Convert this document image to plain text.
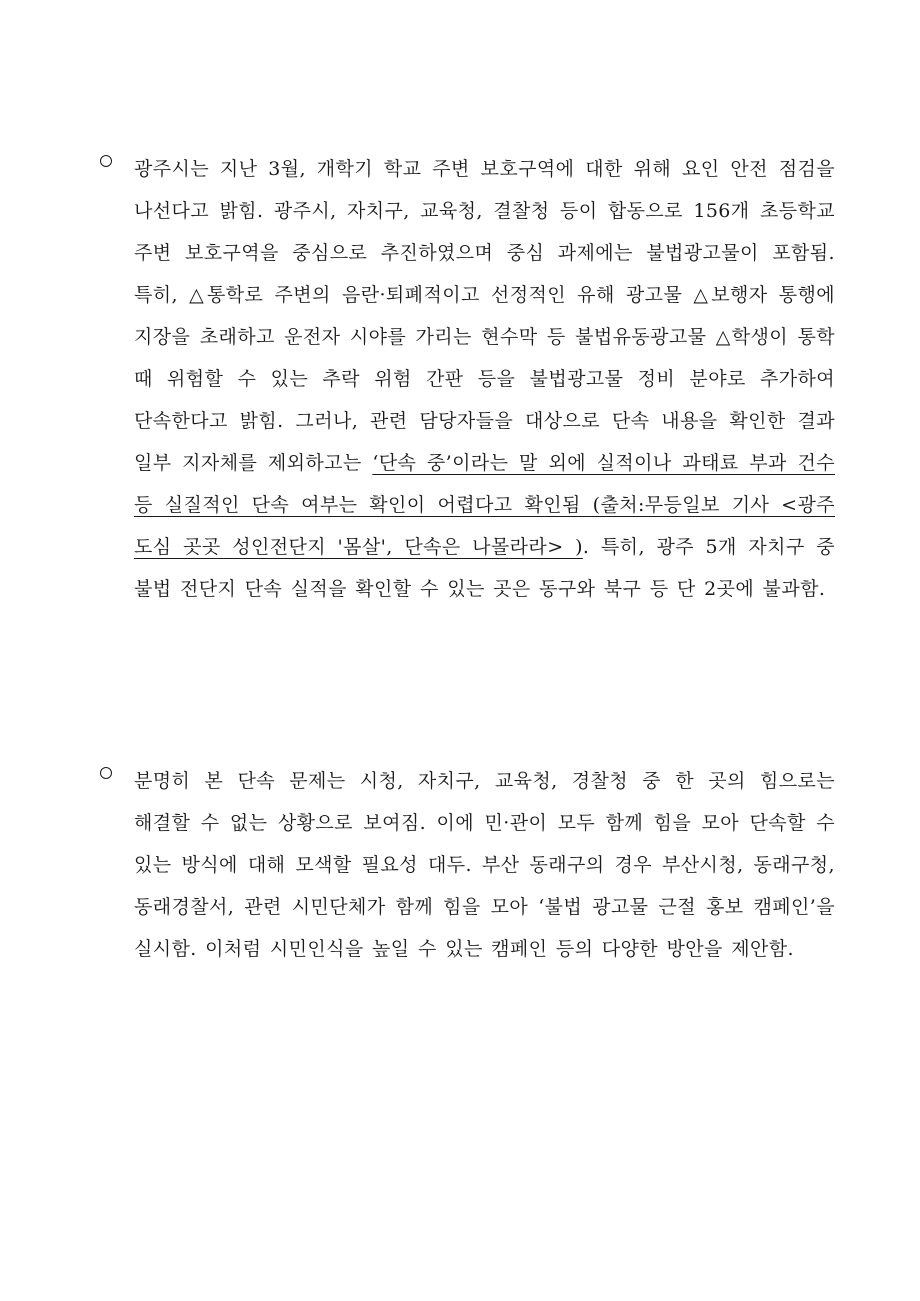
광주시는 지난 3월, 개학기 학교 주변 보호구역에 대한 위해 요인 안전 점검을 나선다고 밝힘. 광주시, 자치구, 교육청, 결찰청 등이 합동으로 156개 초등학교 주변 보호구역을 중심으로 추진하였으며 중심 과제에는 불법광고물이 포함됨. 특히, △통학로 주변의 음란·퇴폐적이고 선정적인 유해 광고물 △보행자 통행에 지장을 초래하고 운전자 시야를 가리는 현수막 등 불법유동광고물 △학생이 통학 때 위험할 수 있는 추락 위험 간판 등을 불법광고물 정비 분야로 추가하여 단속한다고 밝힘. 그러나, 관련 담당자들을 대상으로 단속 내용을 확인한 결과 일부 지자체를 제외하고는 ‘단속 중’이라는 말 외에 실적이나 과태료 부과 건수 등 실질적인 단속 여부는 확인이 어렵다고 확인됨 (출처:무등일보 기사 <광주 도심 곳곳 성인전단지 '몸살', 단속은 나몰라라> ). 특히, 광주 5개 자치구 중 불법 전단지 단속 실적을 확인할 수 있는 곳은 동구와 북구 등 단 2곳에 불과함.
분명히 본 단속 문제는 시청, 자치구, 교육청, 경찰청 중 한 곳의 힘으로는 해결할 수 없는 상황으로 보여짐. 이에 민·관이 모두 함께 힘을 모아 단속할 수 있는 방식에 대해 모색할 필요성 대두. 부산 동래구의 경우 부산시청, 동래구청, 동래경찰서, 관련 시민단체가 함께 힘을 모아 ‘불법 광고물 근절 홍보 캠페인’을 실시함. 이처럼 시민인식을 높일 수 있는 캠페인 등의 다양한 방안을 제안함.
